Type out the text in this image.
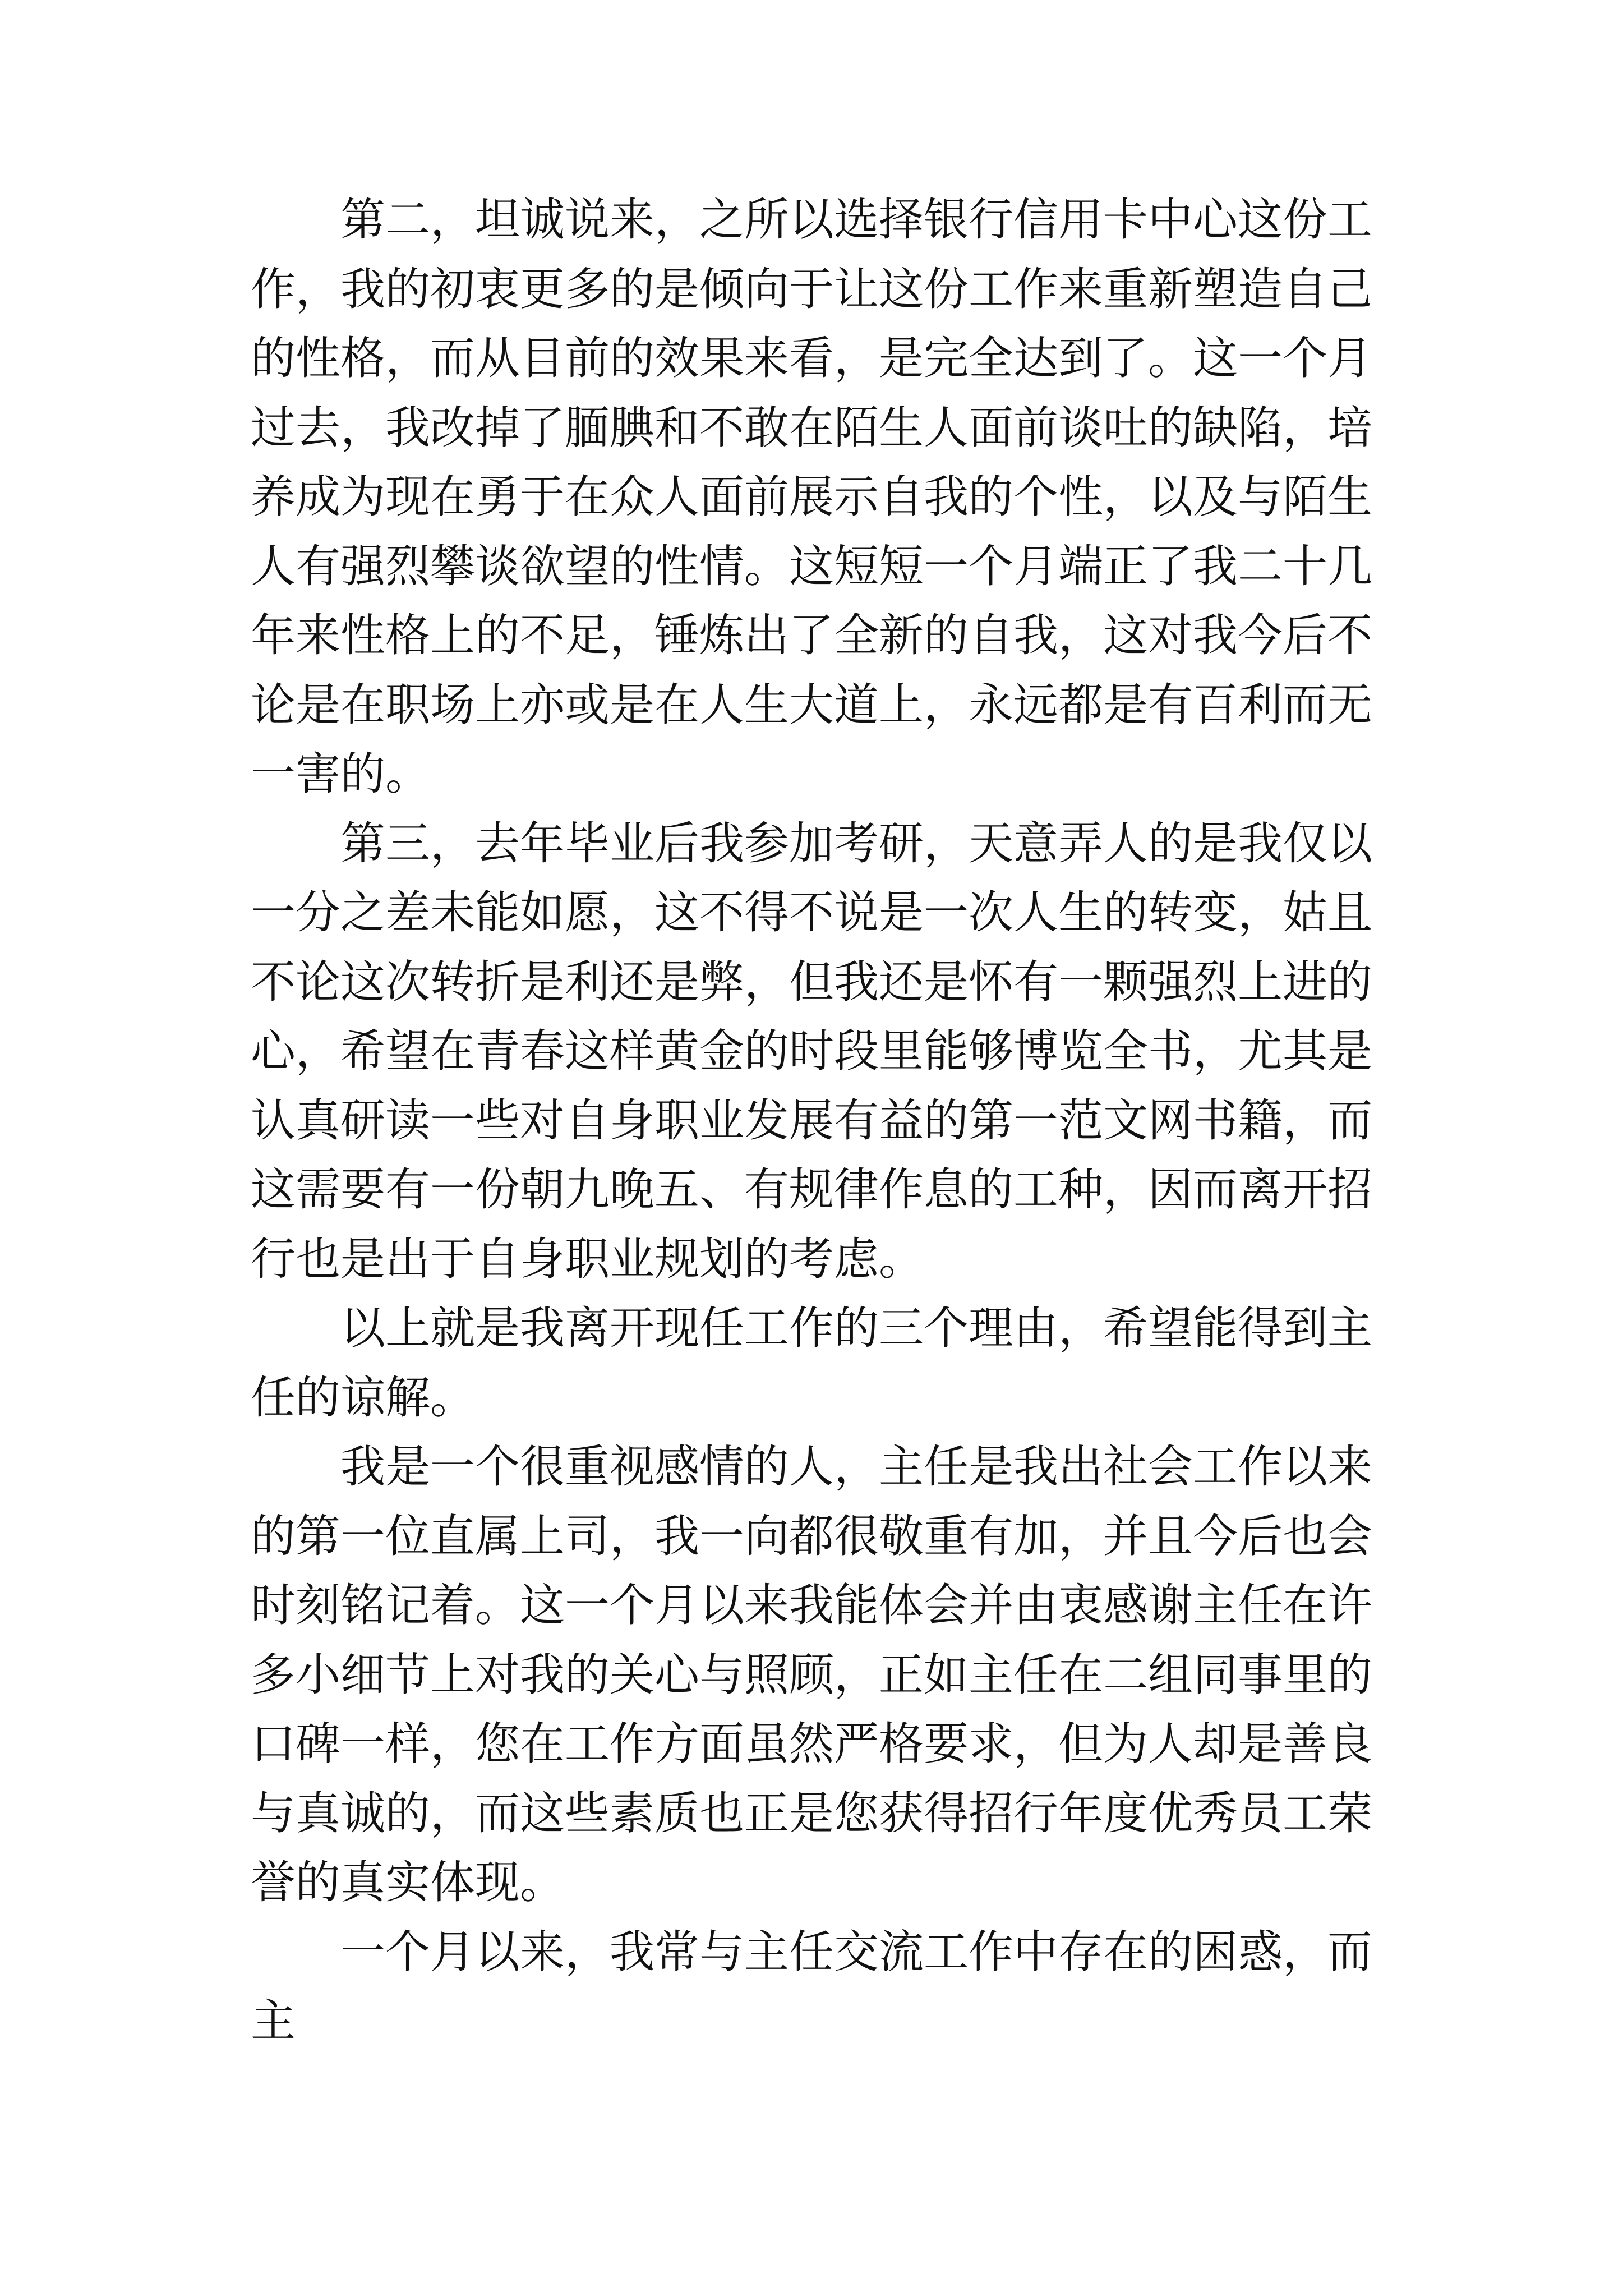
第二，坦诚说来，之所以选择银行信用卡中心这份工作，我的初衷更多的是倾向于让这份工作来重新塑造自己的性格，而从目前的效果来看，是完全达到了。这一个月过去，我改掉了腼腆和不敢在陌生人面前谈吐的缺陷，培养成为现在勇于在众人面前展示自我的个性，以及与陌生人有强烈攀谈欲望的性情。这短短一个月端正了我二十几年来性格上的不足，锤炼出了全新的自我，这对我今后不论是在职场上亦或是在人生大道上，永远都是有百利而无一害的。

第三，去年毕业后我参加考研，天意弄人的是我仅以一分之差未能如愿，这不得不说是一次人生的转变，姑且不论这次转折是利还是弊，但我还是怀有一颗强烈上进的心，希望在青春这样黄金的时段里能够博览全书，尤其是认真研读一些对自身职业发展有益的第一范文网书籍，而这需要有一份朝九晚五、有规律作息的工种，因而离开招行也是出于自身职业规划的考虑。

以上就是我离开现任工作的三个理由，希望能得到主任的谅解。

我是一个很重视感情的人，主任是我出社会工作以来的第一位直属上司，我一向都很敬重有加，并且今后也会时刻铭记着。这一个月以来我能体会并由衷感谢主任在许多小细节上对我的关心与照顾，正如主任在二组同事里的口碑一样，您在工作方面虽然严格要求，但为人却是善良与真诚的，而这些素质也正是您获得招行年度优秀员工荣誉的真实体现。

一个月以来，我常与主任交流工作中存在的困惑，而主
